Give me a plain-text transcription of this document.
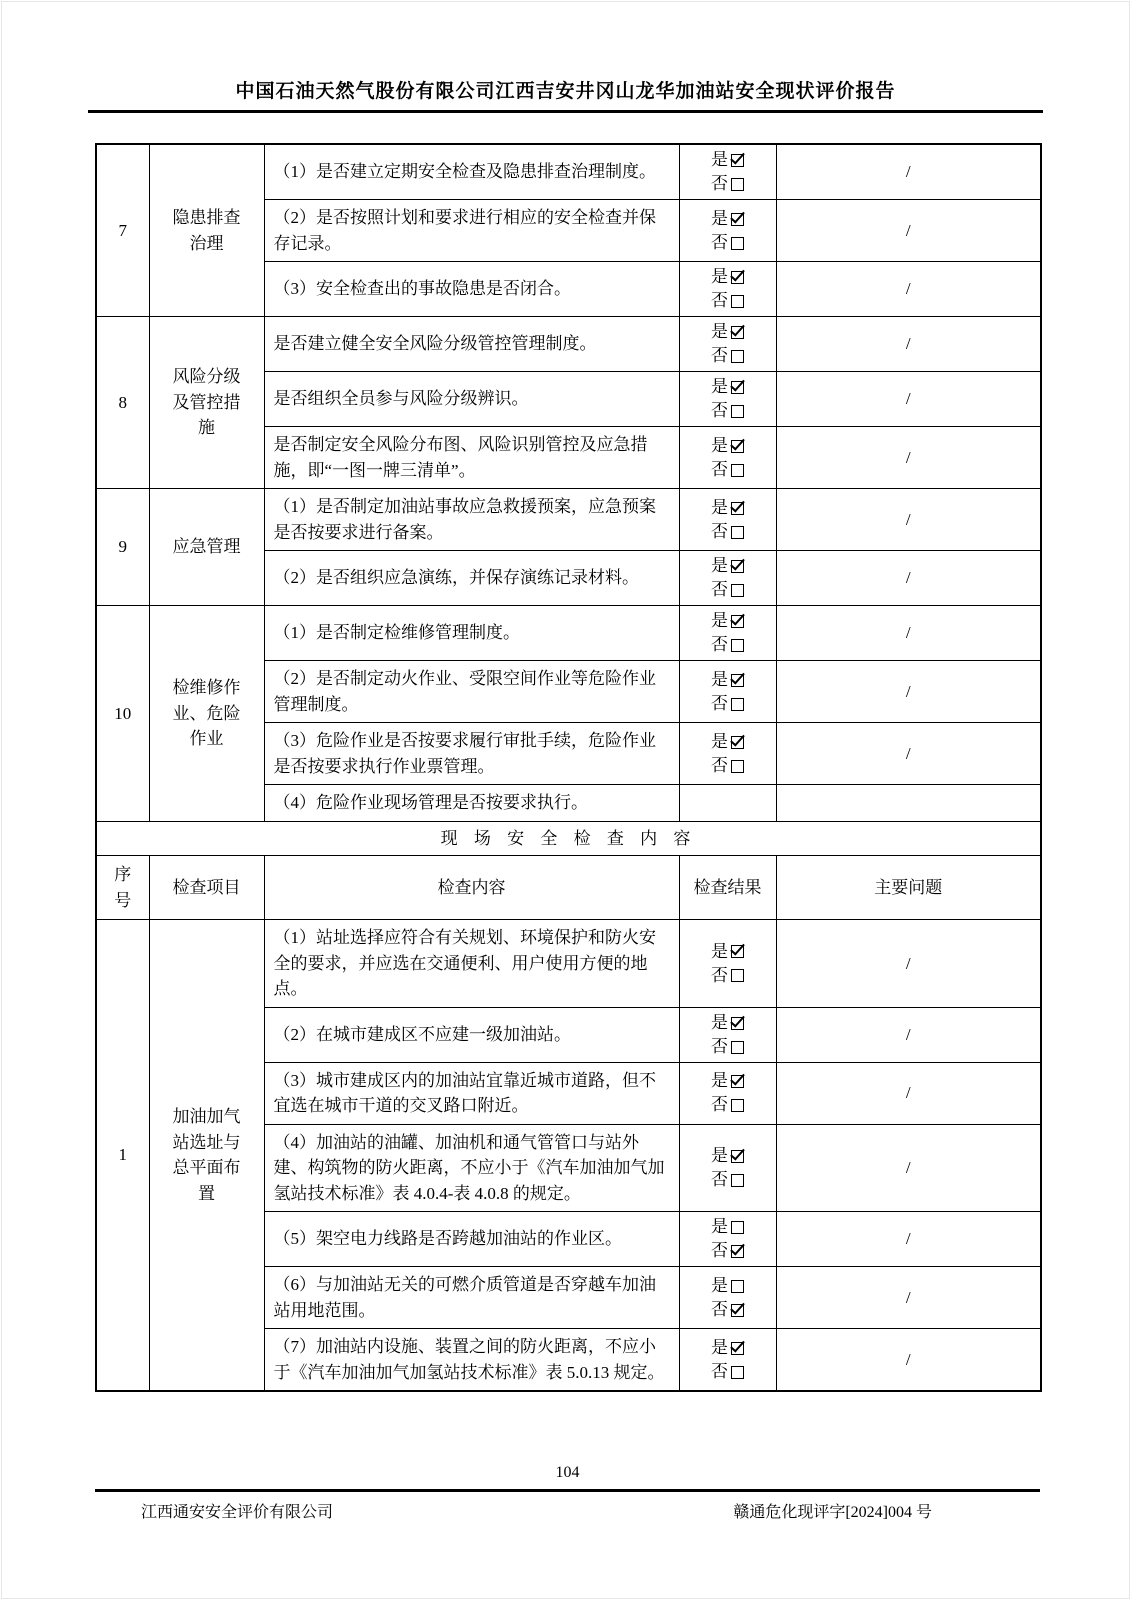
中国石油天然气股份有限公司江西吉安井冈山龙华加油站安全现状评价报告
7	隐患排查治理	（1）是否建立定期安全检查及隐患排查治理制度。	是
否	/
		（2）是否按照计划和要求进行相应的安全检查并保存记录。	是
否	/
		（3）安全检查出的事故隐患是否闭合。	是
否	/
8	风险分级及管控措施	是否建立健全安全风险分级管控管理制度。	是
否	/
		是否组织全员参与风险分级辨识。	是
否	/
		是否制定安全风险分布图、风险识别管控及应急措施，即“一图一牌三清单”。	是
否	/
9	应急管理	（1）是否制定加油站事故应急救援预案，应急预案是否按要求进行备案。	是
否	/
		（2）是否组织应急演练，并保存演练记录材料。	是
否	/
10	检维修作业、危险作业	（1）是否制定检维修管理制度。	是
否	/
		（2）是否制定动火作业、受限空间作业等危险作业管理制度。	是
否	/
		（3）危险作业是否按要求履行审批手续，危险作业是否按要求执行作业票管理。	是
否	/
		（4）危险作业现场管理是否按要求执行。		
现 场 安 全 检 查 内 容				
序号	检查项目	检查内容	检查结果	主要问题
1	加油加气站选址与总平面布置	（1）站址选择应符合有关规划、环境保护和防火安全的要求，并应选在交通便利、用户使用方便的地点。	是
否	/
		（2）在城市建成区不应建一级加油站。	是
否	/
		（3）城市建成区内的加油站宜靠近城市道路，但不宜选在城市干道的交叉路口附近。	是
否	/
		（4）加油站的油罐、加油机和通气管管口与站外建、构筑物的防火距离，不应小于《汽车加油加气加氢站技术标准》表 4.0.4-表 4.0.8 的规定。	是
否	/
		（5）架空电力线路是否跨越加油站的作业区。	是
否	/
		（6）与加油站无关的可燃介质管道是否穿越车加油站用地范围。	是
否	/
		（7）加油站内设施、装置之间的防火距离，不应小于《汽车加油加气加氢站技术标准》表 5.0.13 规定。	是
否	/
104
江西通安安全评价有限公司	赣通危化现评字[2024]004 号
